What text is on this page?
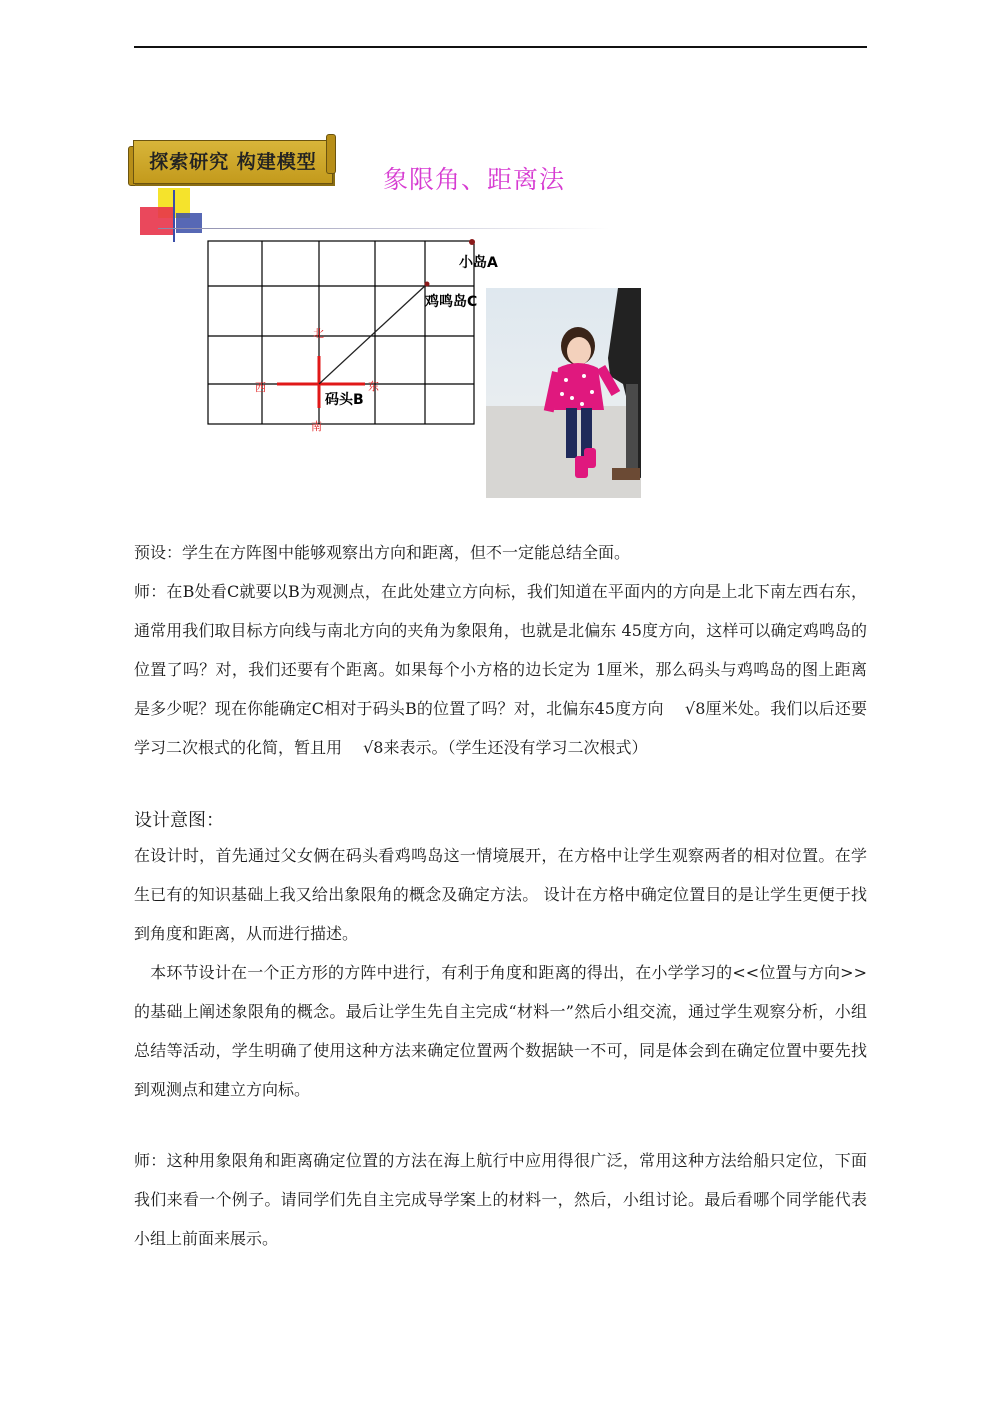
探索研究 构建模型
象限角、距离法
小岛A
鸡鸣岛C
码头B
北
南
东
西
预设：学生在方阵图中能够观察出方向和距离，但不一定能总结全面。
师：在B处看C就要以B为观测点，在此处建立方向标，我们知道在平面内的方向是上北下南左西右东，通常用我们取目标方向线与南北方向的夹角为象限角，也就是北偏东 45度方向，这样可以确定鸡鸣岛的位置了吗？对，我们还要有个距离。如果每个小方格的边长定为 1厘米，那么码头与鸡鸣岛的图上距离是多少呢？现在你能确定C相对于码头B的位置了吗？对，北偏东45度方向　 √8厘米处。我们以后还要学习二次根式的化简，暂且用　 √8来表示。（学生还没有学习二次根式）
设计意图：
在设计时，首先通过父女俩在码头看鸡鸣岛这一情境展开，在方格中让学生观察两者的相对位置。在学生已有的知识基础上我又给出象限角的概念及确定方法。 设计在方格中确定位置目的是让学生更便于找到角度和距离，从而进行描述。
　本环节设计在一个正方形的方阵中进行，有利于角度和距离的得出，在小学学习的<<位置与方向>>的基础上阐述象限角的概念。最后让学生先自主完成“材料一”然后小组交流，通过学生观察分析，小组总结等活动，学生明确了使用这种方法来确定位置两个数据缺一不可，同是体会到在确定位置中要先找到观测点和建立方向标。
师：这种用象限角和距离确定位置的方法在海上航行中应用得很广泛，常用这种方法给船只定位，下面我们来看一个例子。请同学们先自主完成导学案上的材料一，然后，小组讨论。最后看哪个同学能代表小组上前面来展示。
